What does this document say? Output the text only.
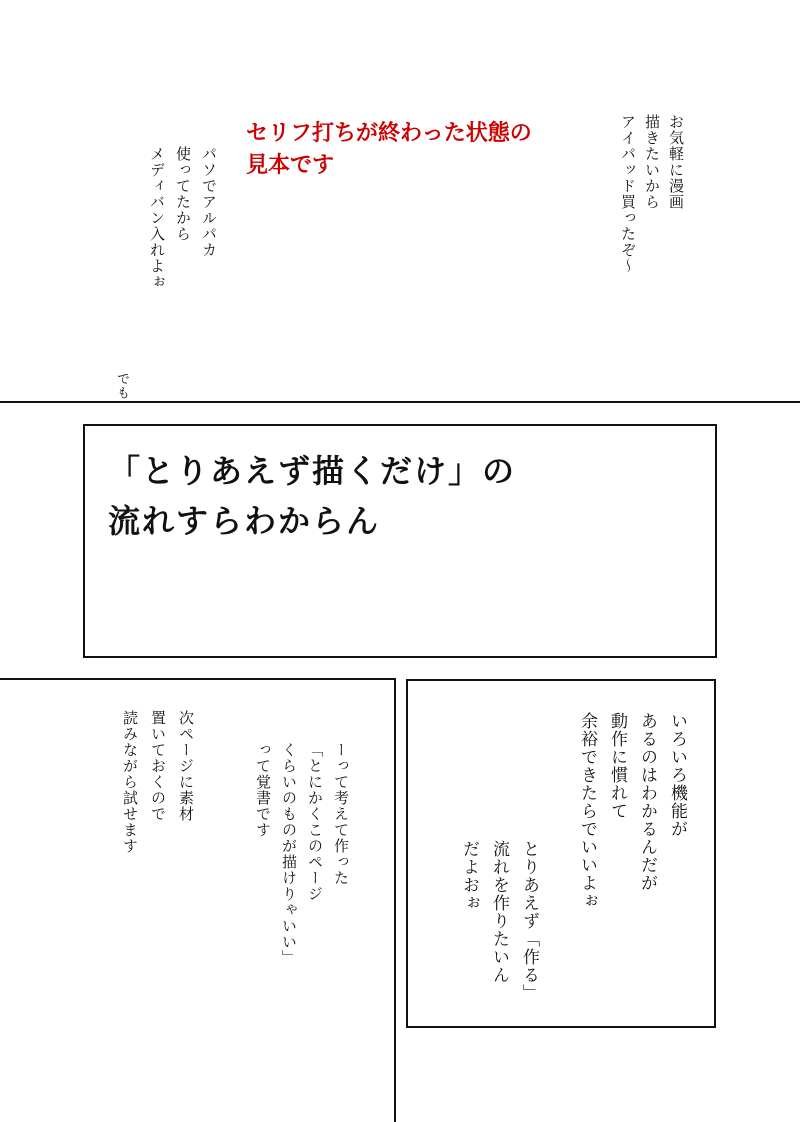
セリフ打ちが終わった状態の
見本です	お気軽に漫画
描きたいから
アイパッド買ったぞ〜
パソでアルパカ
使ってたから
メディバン入れよぉ
でも
「とりあえず描くだけ」の
流れすらわからん
次ページに素材
置いておくので
読みながら試せます	ーって考えて作った
「とにかくこのページ
くらいのものが描けりゃいい」
って覚書です	いろいろ機能が
あるのはわかるんだが
動作に慣れて
余裕できたらでいいよぉ
とりあえず「作る」
流れを作りたいん
だよおぉ
